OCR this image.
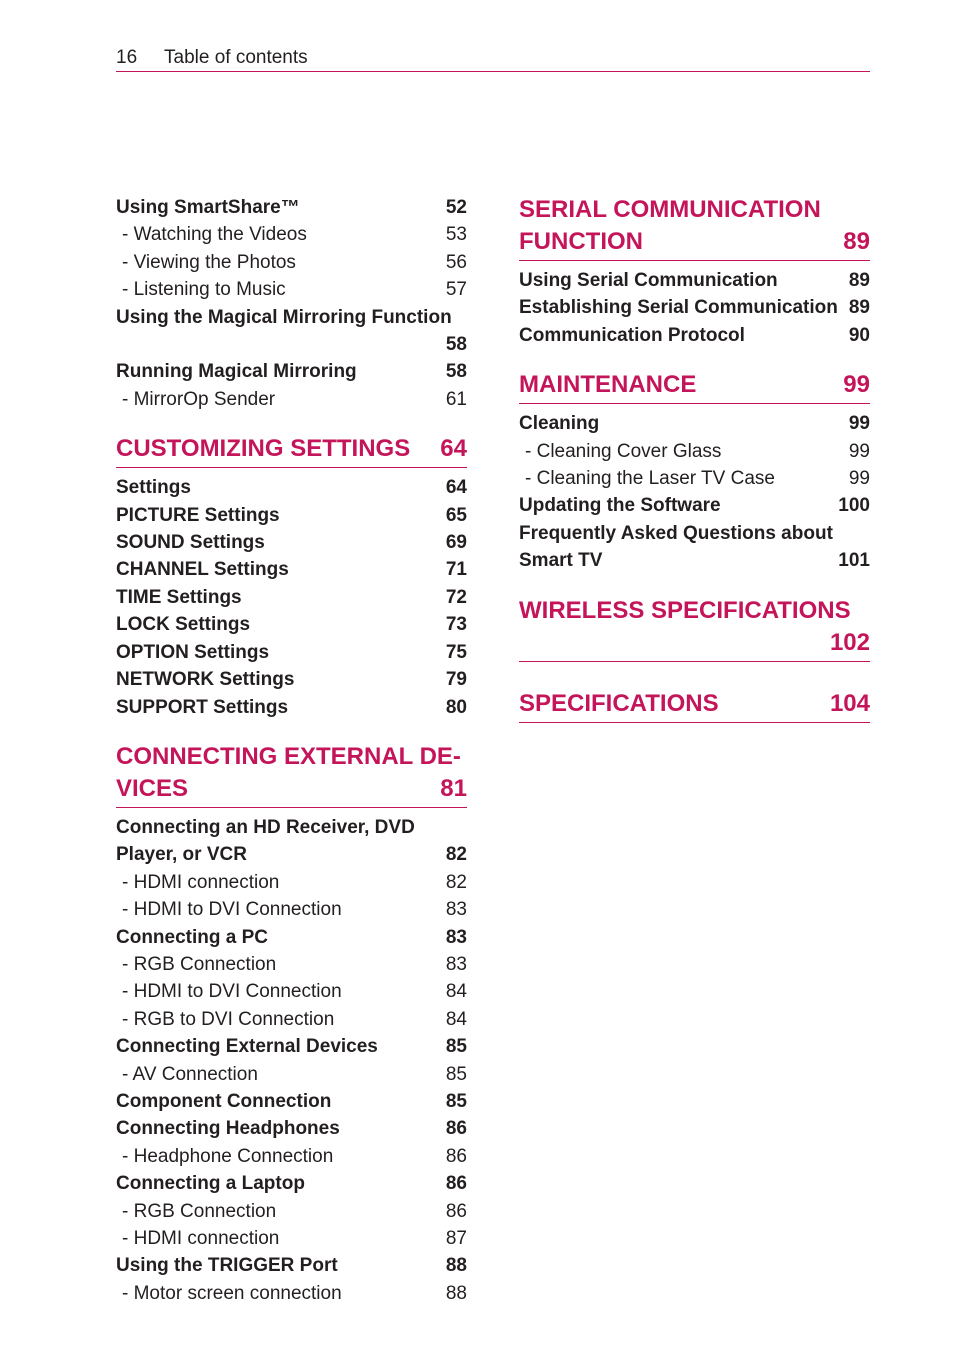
16 Table of contents
Using SmartShare™	52
- Watching the Videos	53
- Viewing the Photos	56
- Listening to Music	57
Using the Magical Mirroring Function
58
Running Magical Mirroring	58
- MirrorOp Sender	61
CUSTOMIZING SETTINGS 64
Settings	64
PICTURE Settings	65
SOUND Settings	69
CHANNEL Settings	71
TIME Settings	72
LOCK Settings	73
OPTION Settings	75
NETWORK Settings	79
SUPPORT Settings	80
CONNECTING EXTERNAL DE-
VICES	81
Connecting an HD Receiver, DVD
Player, or VCR	82
- HDMI connection	82
- HDMI to DVI Connection	83
Connecting a PC	83
- RGB Connection	83
- HDMI to DVI Connection	84
- RGB to DVI Connection	84
Connecting External Devices	85
- AV Connection	85
Component Connection	85
Connecting Headphones	86
- Headphone Connection	86
Connecting a Laptop	86
- RGB Connection	86
- HDMI connection	87
Using the TRIGGER Port	88
- Motor screen connection	88
SERIAL COMMUNICATION
FUNCTION	89
Using Serial Communication	89
Establishing Serial Communication 89
Communication Protocol	90
MAINTENANCE	99
Cleaning	99
- Cleaning Cover Glass	99
- Cleaning the Laser TV Case	99
Updating the Software	100
Frequently Asked Questions about
Smart TV	101
WIRELESS SPECIFICATIONS
102
SPECIFICATIONS	104
